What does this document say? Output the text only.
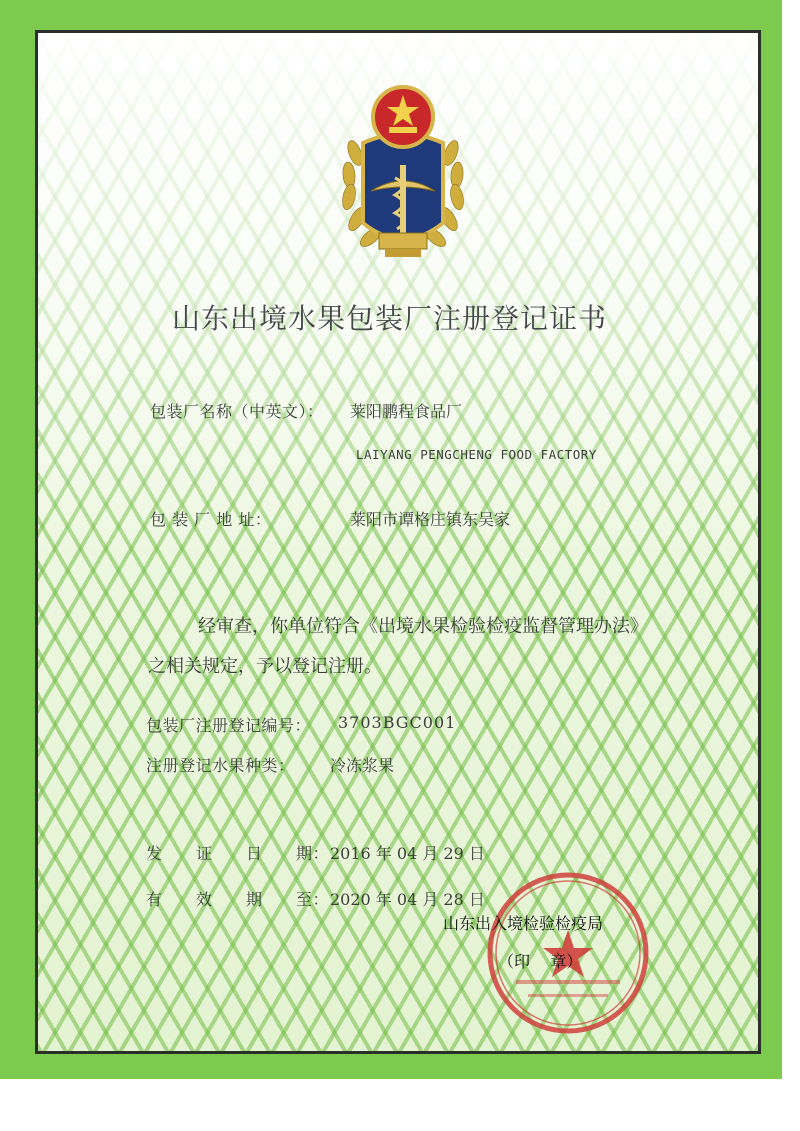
山东出境水果包装厂注册登记证书
包装厂名称（中英文）： 莱阳鹏程食品厂
LAIYANG PENGCHENG FOOD FACTORY
包 装 厂 地 址：	莱阳市谭格庄镇东吴家
经审查，你单位符合《出境水果检验检疫监督管理办法》
之相关规定，予以登记注册。
包装厂注册登记编号： 3703BGC001
注册登记水果种类： 冷冻浆果
发      证      日      期： 2016 年 04 月 29 日
有      效      期      至： 2020 年 04 月 28 日
山东出入境检验检疫局
（印    章）
